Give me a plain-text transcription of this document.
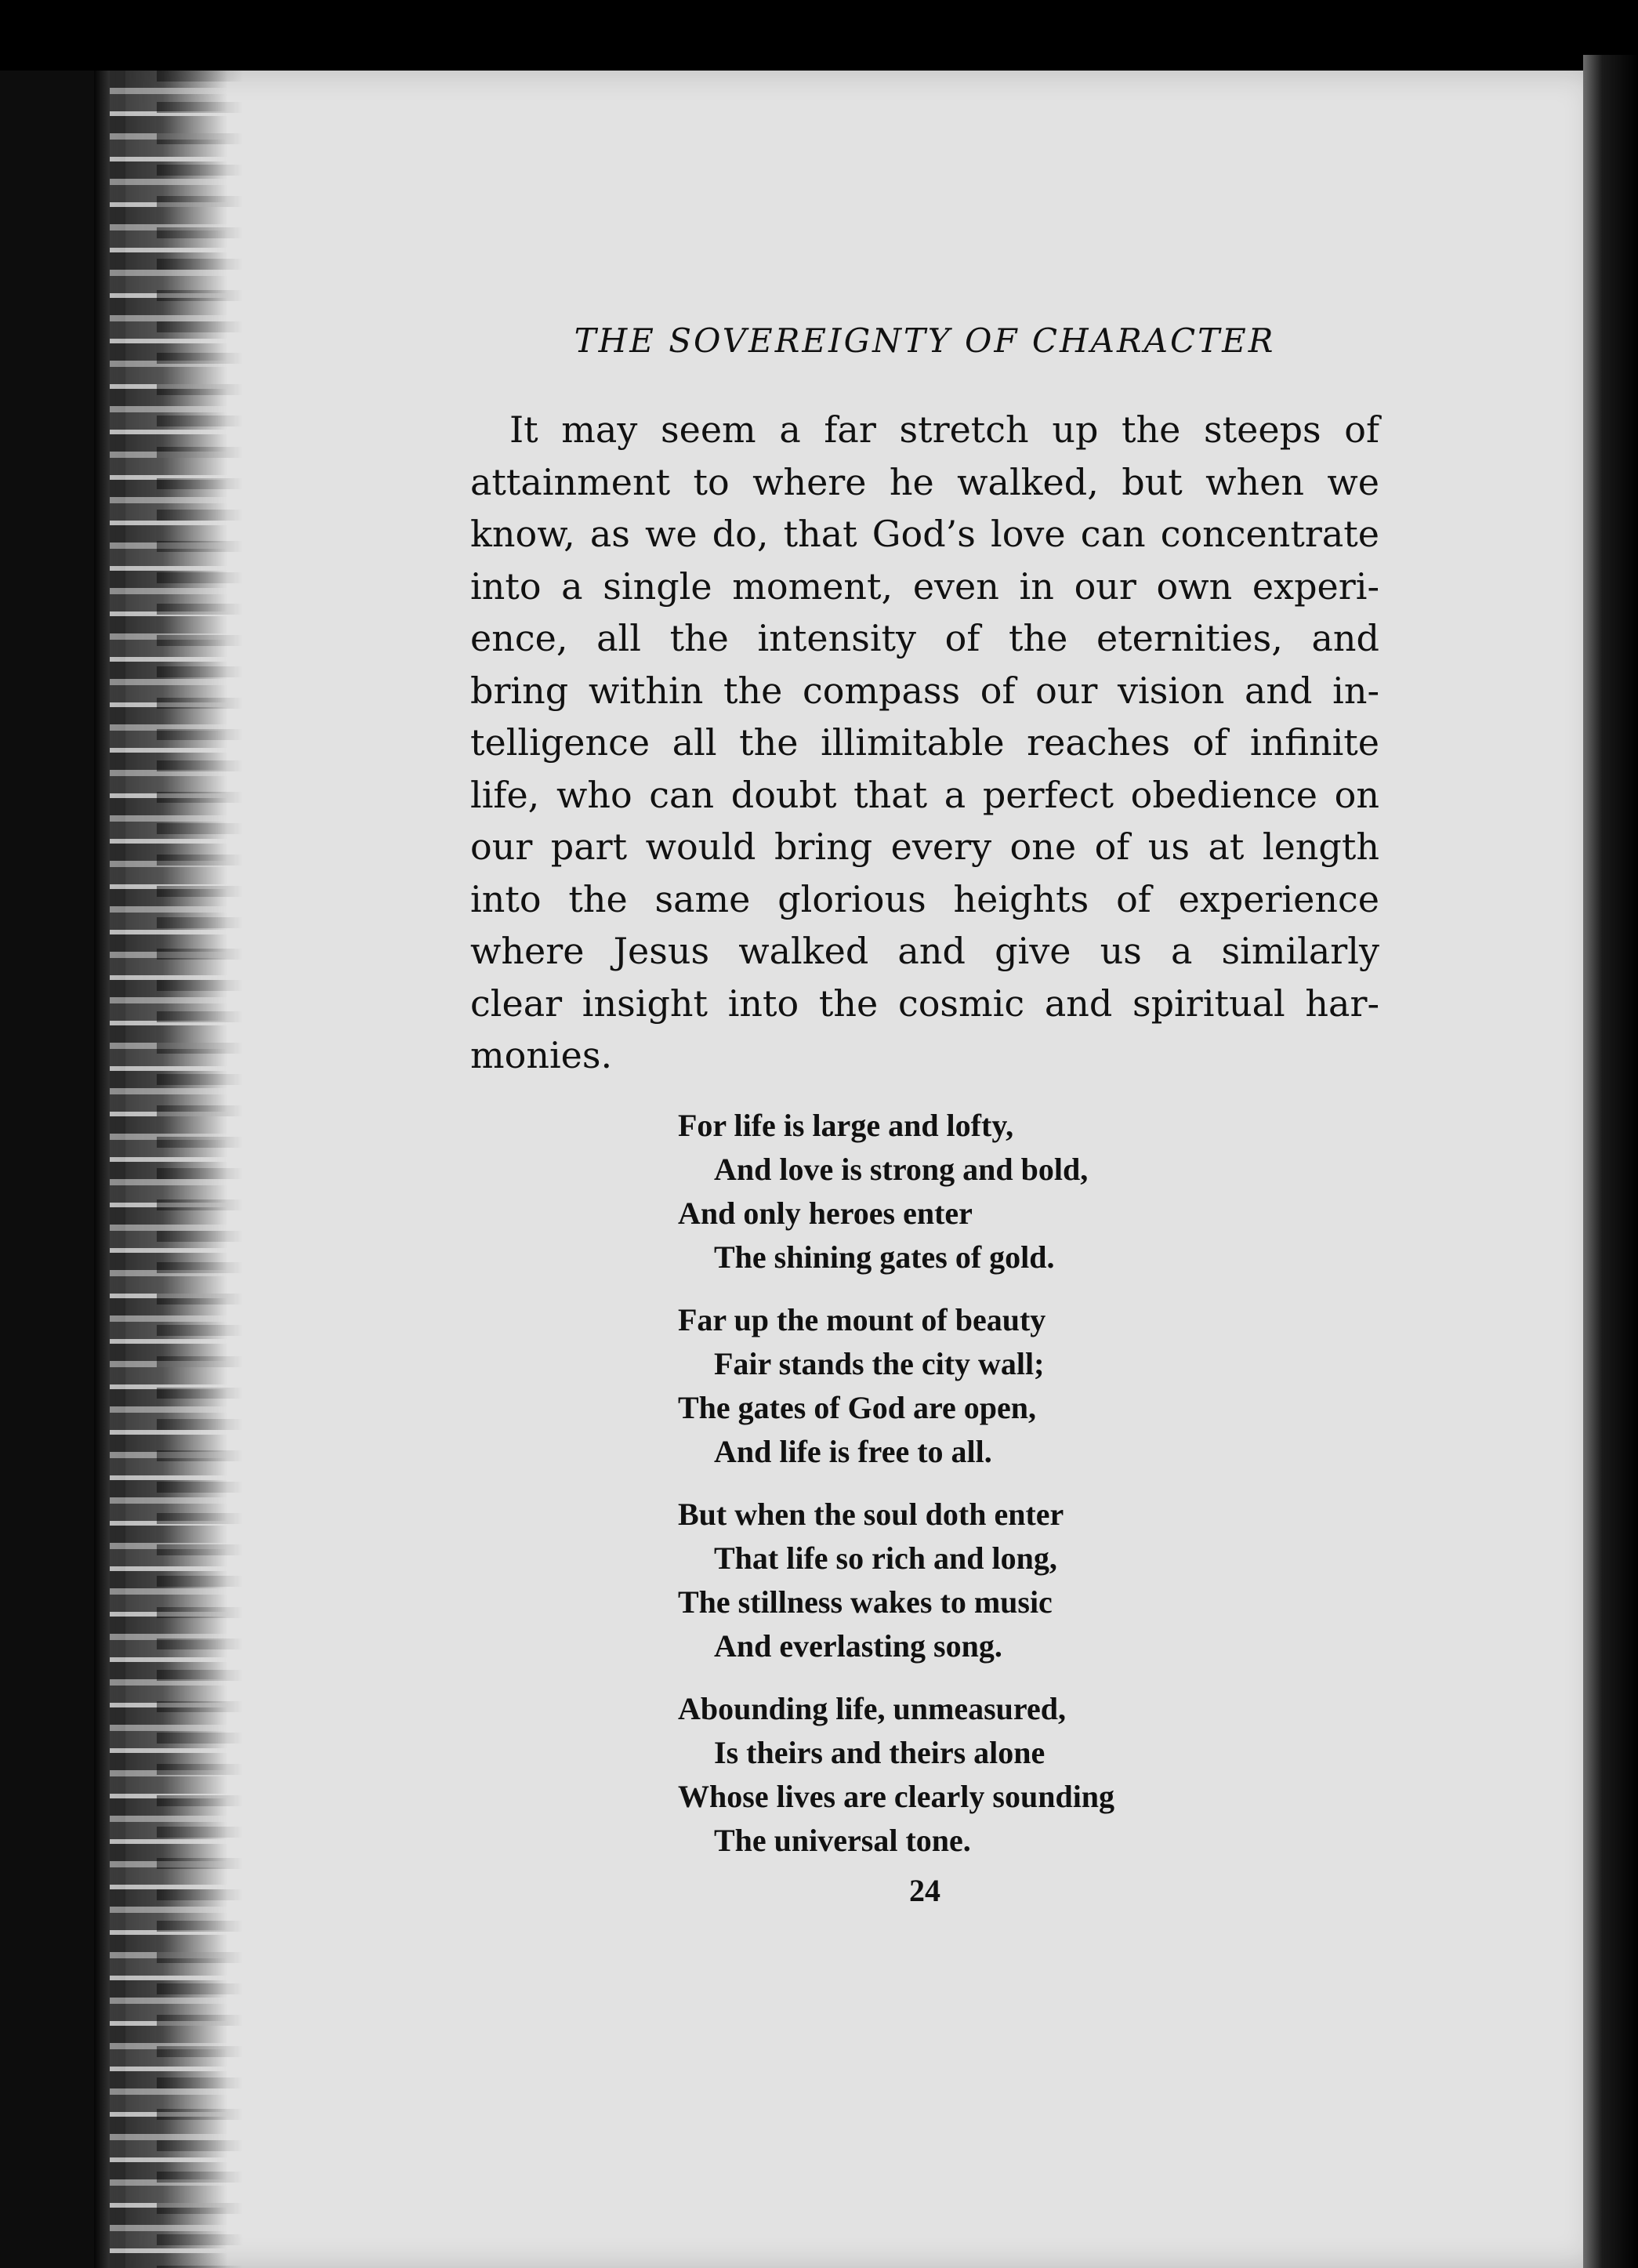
THE SOVEREIGNTY OF CHARACTER

It may seem a far stretch up the steeps of
attainment to where he walked, but when we
know, as we do, that God’s love can concentrate
into a single moment, even in our own experi-
ence, all the intensity of the eternities, and
bring within the compass of our vision and in-
telligence all the illimitable reaches of infinite
life, who can doubt that a perfect obedience on
our part would bring every one of us at length
into the same glorious heights of experience
where Jesus walked and give us a similarly
clear insight into the cosmic and spiritual har-
monies.

For life is large and lofty,
And love is strong and bold,
And only heroes enter
The shining gates of gold.
Far up the mount of beauty
Fair stands the city wall;
The gates of God are open,
And life is free to all.
But when the soul doth enter
That life so rich and long,
The stillness wakes to music
And everlasting song.
Abounding life, unmeasured,
Is theirs and theirs alone
Whose lives are clearly sounding
The universal tone.
24
